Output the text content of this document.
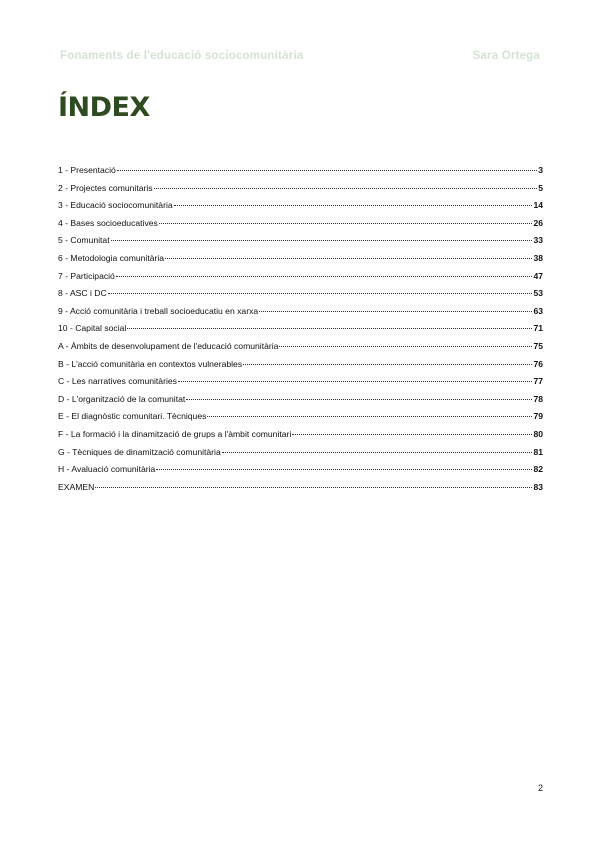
Fonaments de l'educació sociocomunitària	Sara Ortega
ÍNDEX
1 - Presentació	3
2 - Projectes comunitaris	5
3 - Educació sociocomunitària	14
4 - Bases socioeducatives	26
5 - Comunitat	33
6 - Metodologia comunitària	38
7 - Participació	47
8 - ASC i DC	53
9 - Acció comunitària i treball socioeducatiu en xarxa	63
10 - Capital social	71
A - Àmbits de desenvolupament de l'educació comunitària	75
B - L'acció comunitària en contextos vulnerables	76
C - Les narratives comunitàries	77
D - L'organització de la comunitat	78
E - El diagnòstic comunitari. Tècniques	79
F - La formació i la dinamització de grups a l'àmbit comunitari	80
G - Tècniques de dinamització comunitària	81
H - Avaluació comunitària	82
EXAMEN	83
2
